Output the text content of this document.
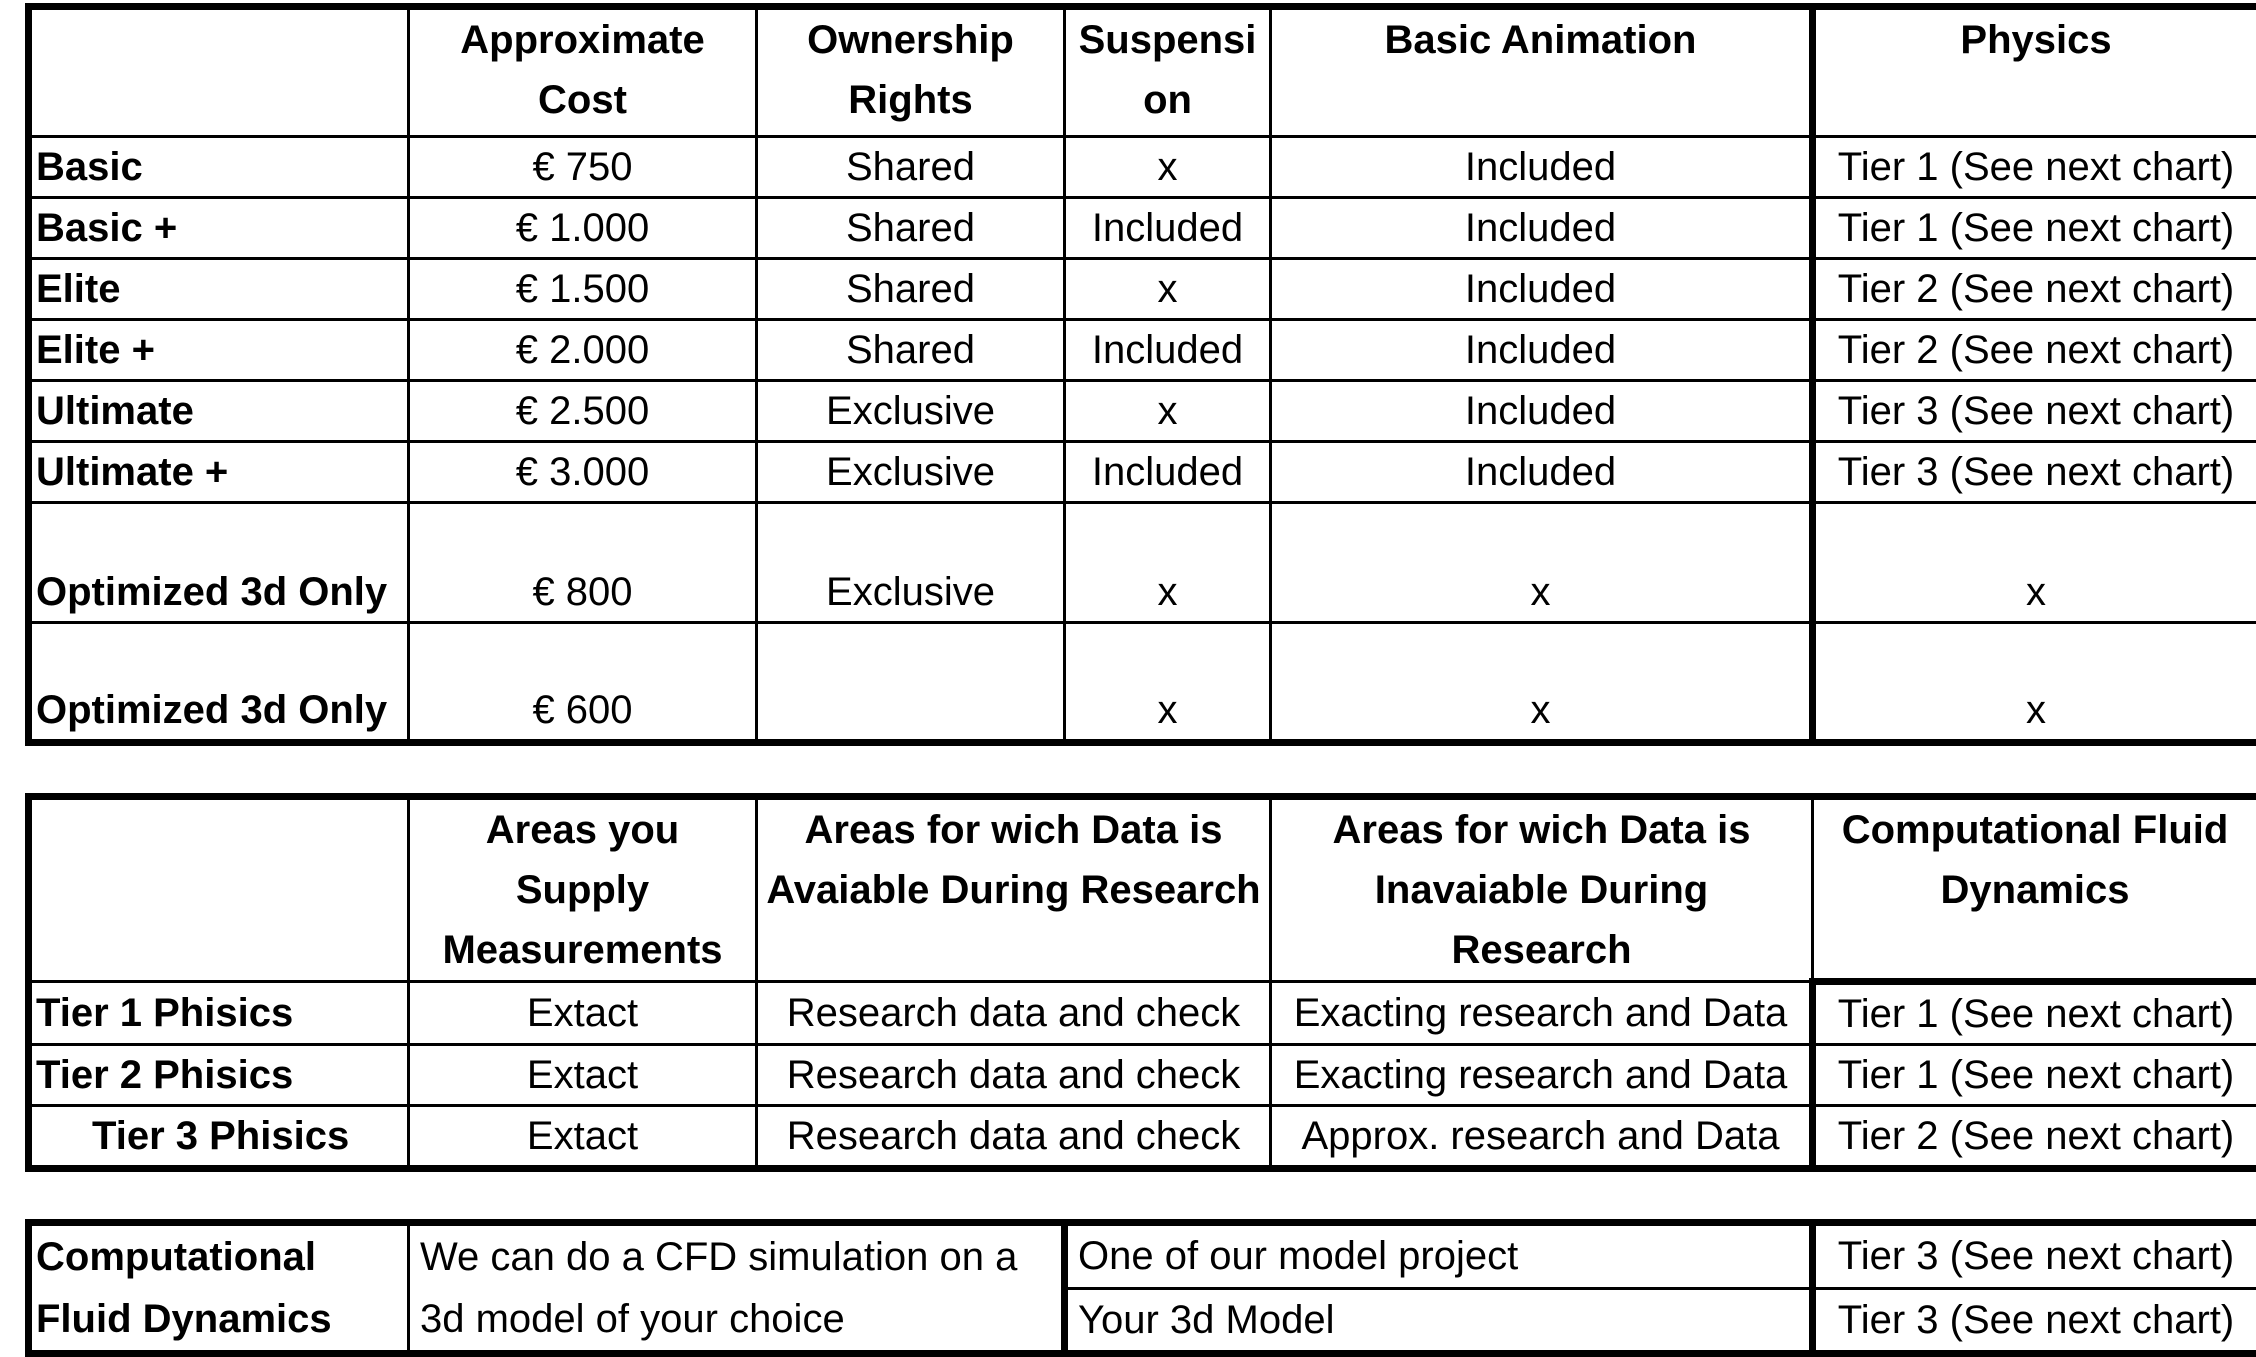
	Approximate Cost	Ownership Rights	Suspension	Basic Animation	Physics
Basic	€ 750	Shared	x	Included	Tier 1 (See next chart)
Basic +	€ 1.000	Shared	Included	Included	Tier 1 (See next chart)
Elite	€ 1.500	Shared	x	Included	Tier 2 (See next chart)
Elite +	€ 2.000	Shared	Included	Included	Tier 2 (See next chart)
Ultimate	€ 2.500	Exclusive	x	Included	Tier 3 (See next chart)
Ultimate +	€ 3.000	Exclusive	Included	Included	Tier 3 (See next chart)
Optimized 3d Only	€ 800	Exclusive	x	x	x
Optimized 3d Only	€ 600		x	x	x
	Areas you Supply Measurements	Areas for wich Data is Avaiable During Research	Areas for wich Data is Inavaiable During Research	Computational Fluid Dynamics
Tier 1 Phisics	Extact	Research data and check	Exacting research and Data	Tier 1 (See next chart)
Tier 2 Phisics	Extact	Research data and check	Exacting research and Data	Tier 1 (See next chart)
Tier 3 Phisics	Extact	Research data and check	Approx. research and Data	Tier 2 (See next chart)
Computational Fluid Dynamics	We can do a CFD simulation on a 3d model of your choice	One of our model project	Tier 3 (See next chart)
		Your 3d Model	Tier 3 (See next chart)
